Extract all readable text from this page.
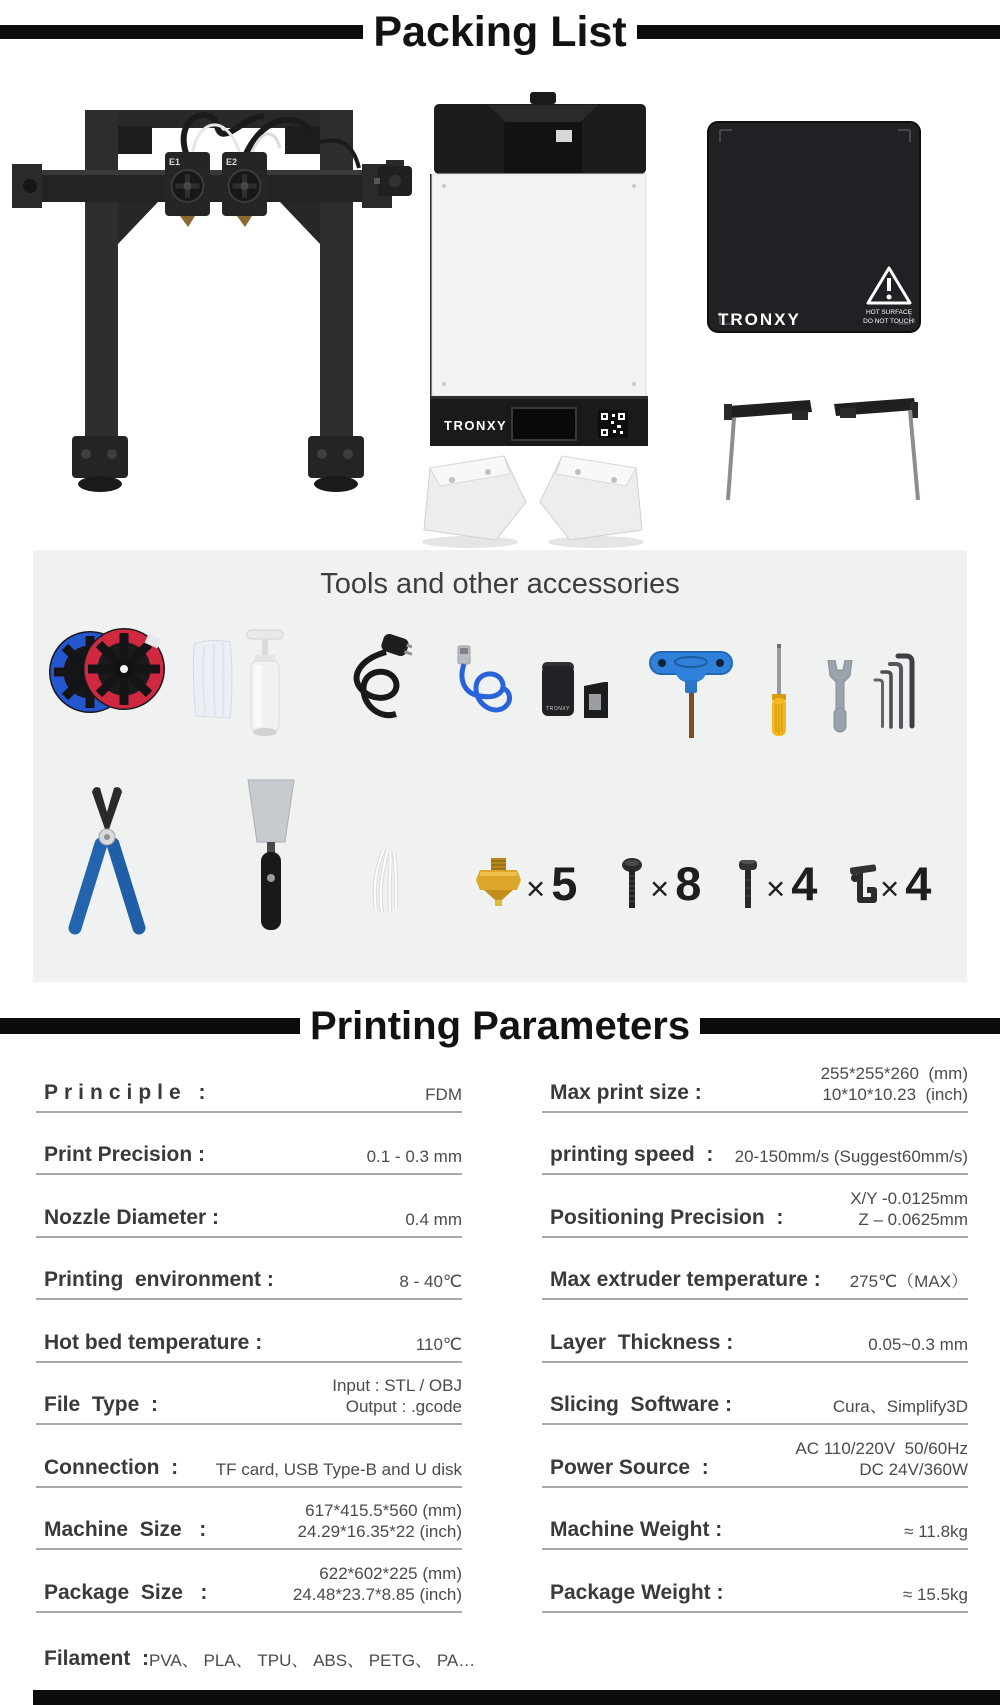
Packing List
E1	E2
TRONXY
TRONXY	HOT SURFACE
DO NOT TOUCH!
Tools and other accessories
TRONXY
× 5 × 8 × 4 × 4
Printing Parameters
Principle :	FDM
Print Precision :	0.1 - 0.3 mm
Nozzle Diameter :	0.4 mm
Printing  environment :	8 - 40℃
Hot bed temperature :	110℃
File  Type  :
Input : STL / OBJ
Output : .gcode
Connection  : TF card, USB Type-B and U disk
Machine  Size   :
617*415.5*560 (mm)
24.29*16.35*22 (inch)
Package  Size   :
622*602*225 (mm)
24.48*23.7*8.85 (inch)
Filament  : PVA、 PLA、 TPU、 ABS、 PETG、 PA…
Max print size :
255*255*260  (mm)
10*10*10.23  (inch)
printing speed  : 20-150mm/s (Suggest60mm/s)
Positioning Precision  :
X/Y -0.0125mm
Z – 0.0625mm
Max extruder temperature : 275℃（MAX）
Layer  Thickness :	0.05~0.3 mm
Slicing  Software :	Cura、Simplify3D
Power Source  :
AC 110/220V  50/60Hz
DC 24V/360W
Machine Weight :	≈ 11.8kg
Package Weight :	≈ 15.5kg
